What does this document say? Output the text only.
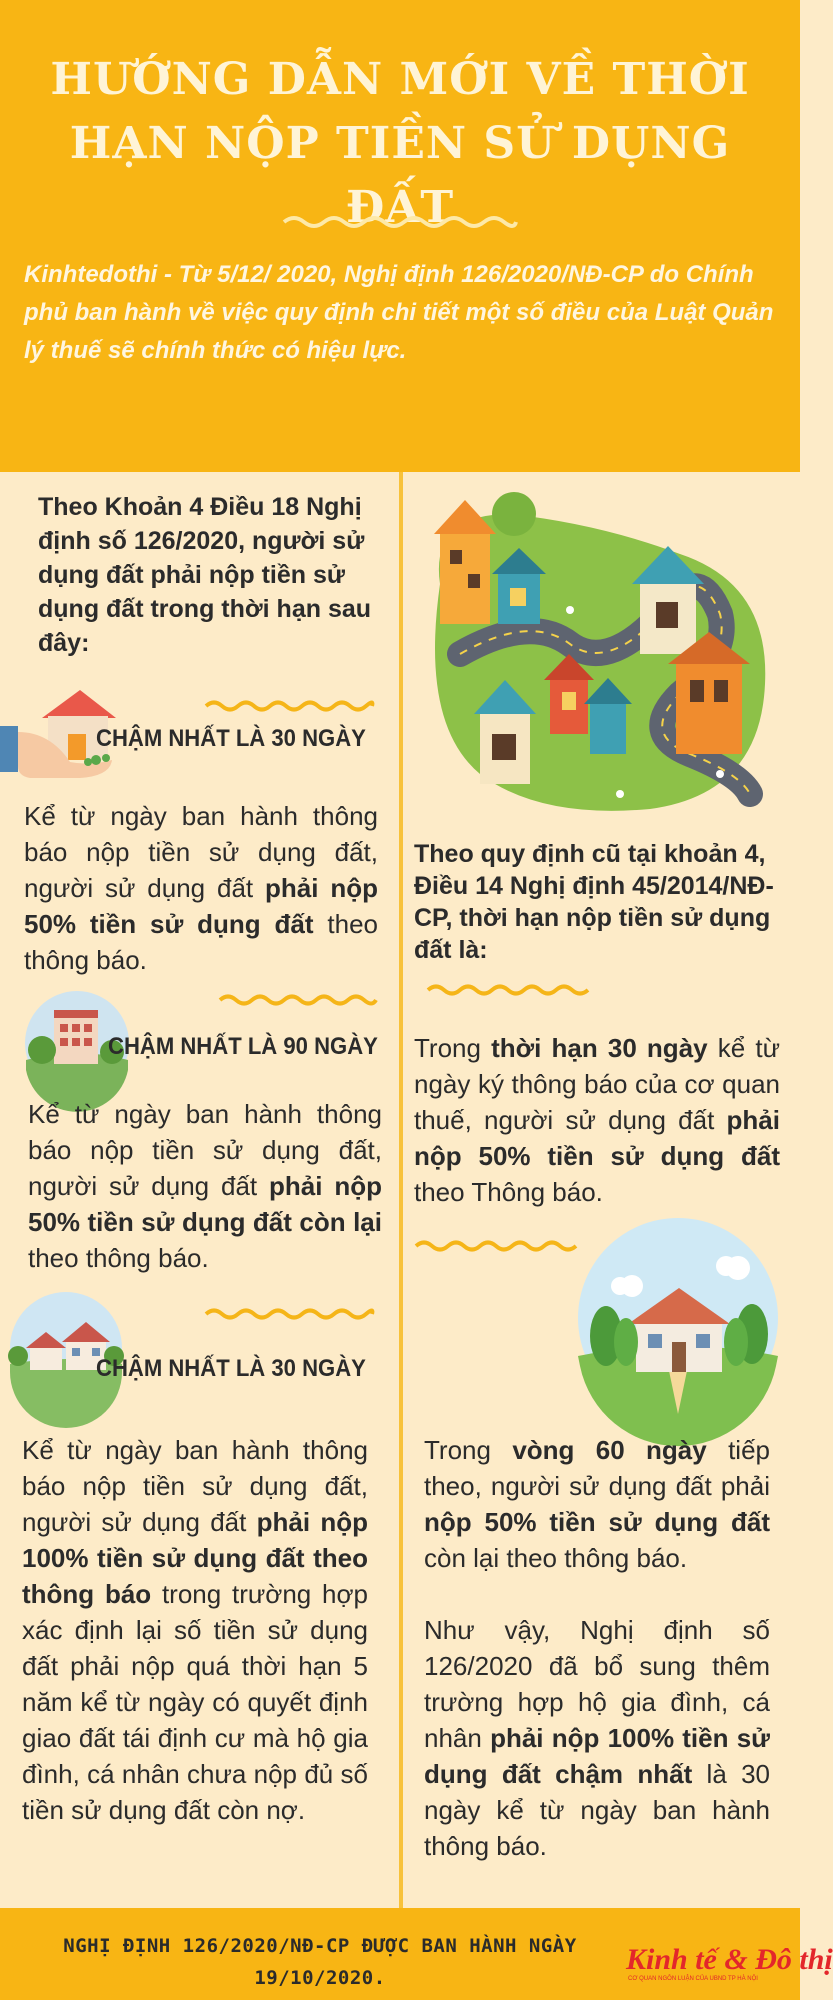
HƯỚNG DẪN MỚI VỀ THỜI
HẠN NỘP TIỀN SỬ DỤNG ĐẤT
Kinhtedothi - Từ 5/12/ 2020, Nghị định 126/2020/NĐ-CP do Chính phủ ban hành về việc quy định chi tiết một số điều của Luật Quản lý thuế sẽ chính thức có hiệu lực.
Theo Khoản 4 Điều 18 Nghị định số 126/2020, người sử dụng đất phải nộp tiền sử dụng đất trong thời hạn sau đây:
CHẬM NHẤT LÀ 30 NGÀY
Kể từ ngày ban hành thông báo nộp tiền sử dụng đất, người sử dụng đất phải nộp 50% tiền sử dụng đất theo thông báo.
CHẬM NHẤT LÀ 90 NGÀY
Kể từ ngày ban hành thông báo nộp tiền sử dụng đất, người sử dụng đất phải nộp 50% tiền sử dụng đất còn lại theo thông báo.
CHẬM NHẤT LÀ 30 NGÀY
Kể từ ngày ban hành thông báo nộp tiền sử dụng đất, người sử dụng đất phải nộp 100% tiền sử dụng đất theo thông báo trong trường hợp xác định lại số tiền sử dụng đất phải nộp quá thời hạn 5 năm kể từ ngày có quyết định giao đất tái định cư mà hộ gia đình, cá nhân chưa nộp đủ số tiền sử dụng đất còn nợ.
Theo quy định cũ tại khoản 4, Điều 14 Nghị định 45/2014/NĐ-CP, thời hạn nộp tiền sử dụng đất là:
Trong thời hạn 30 ngày kể từ ngày ký thông báo của cơ quan thuế, người sử dụng đất phải nộp 50% tiền sử dụng đất theo Thông báo.
Trong vòng 60 ngày tiếp theo, người sử dụng đất phải nộp 50% tiền sử dụng đất còn lại theo thông báo.
Như vậy, Nghị định số 126/2020 đã bổ sung thêm trường hợp hộ gia đình, cá nhân phải nộp 100% tiền sử dụng đất chậm nhất là 30 ngày kể từ ngày ban hành thông báo.
NGHỊ ĐỊNH 126/2020/NĐ-CP ĐƯỢC BAN HÀNH NGÀY
19/10/2020.
Kinh tế & Đô thị
CƠ QUAN NGÔN LUẬN CỦA UBND TP HÀ NỘI
